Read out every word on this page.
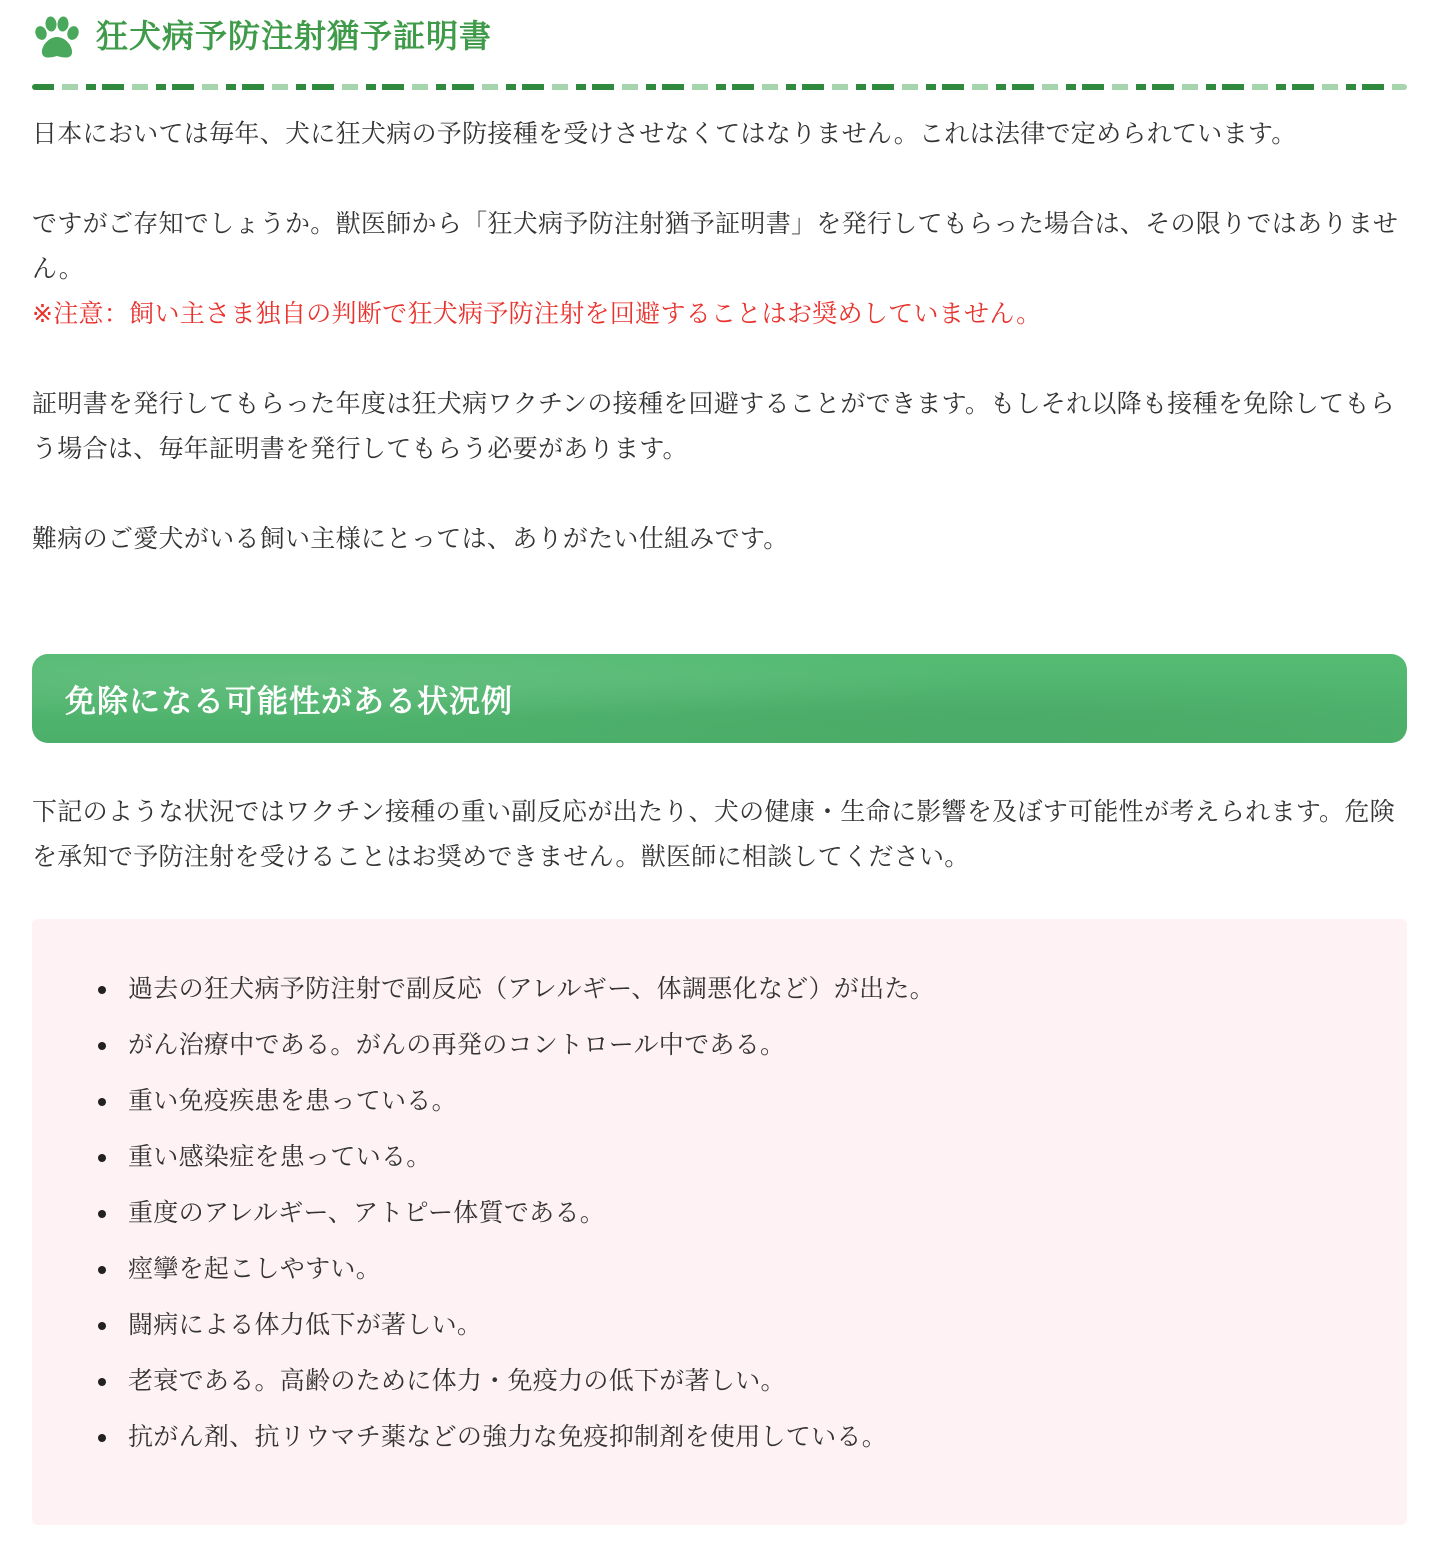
狂犬病予防注射猶予証明書

日本においては毎年、犬に狂犬病の予防接種を受けさせなくてはなりません。これは法律で定められています。

ですがご存知でしょうか。獣医師から「狂犬病予防注射猶予証明書」を発行してもらった場合は、その限りではありません。

※注意：飼い主さま独自の判断で狂犬病予防注射を回避することはお奨めしていません。

証明書を発行してもらった年度は狂犬病ワクチンの接種を回避することができます。もしそれ以降も接種を免除してもらう場合は、毎年証明書を発行してもらう必要があります。

難病のご愛犬がいる飼い主様にとっては、ありがたい仕組みです。

免除になる可能性がある状況例

下記のような状況ではワクチン接種の重い副反応が出たり、犬の健康・生命に影響を及ぼす可能性が考えられます。危険を承知で予防注射を受けることはお奨めできません。獣医師に相談してください。

過去の狂犬病予防注射で副反応（アレルギー、体調悪化など）が出た。
がん治療中である。がんの再発のコントロール中である。
重い免疫疾患を患っている。
重い感染症を患っている。
重度のアレルギー、アトピー体質である。
痙攣を起こしやすい。
闘病による体力低下が著しい。
老衰である。高齢のために体力・免疫力の低下が著しい。
抗がん剤、抗リウマチ薬などの強力な免疫抑制剤を使用している。
